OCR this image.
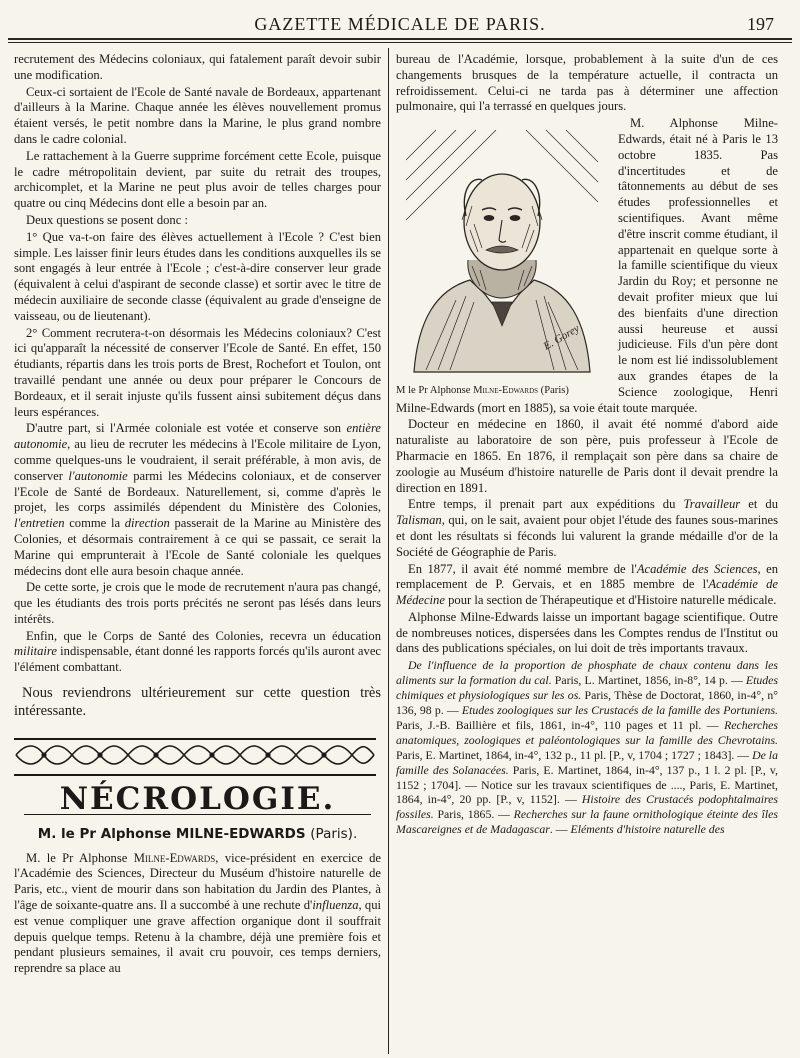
GAZETTE MÉDICALE DE PARIS.	197

recrutement des Médecins coloniaux, qui fatalement paraît devoir subir une modification.

Ceux-ci sortaient de l'Ecole de Santé navale de Bordeaux, appartenant d'ailleurs à la Marine. Chaque année les élèves nouvellement promus étaient versés, le petit nombre dans la Marine, le plus grand nombre dans le cadre colonial.

Le rattachement à la Guerre supprime forcément cette Ecole, puisque le cadre métropolitain devient, par suite du retrait des troupes, archicomplet, et la Marine ne peut plus avoir de telles charges pour quatre ou cinq Médecins dont elle a besoin par an.

Deux questions se posent donc :

1° Que va-t-on faire des élèves actuellement à l'Ecole ? C'est bien simple. Les laisser finir leurs études dans les conditions auxquelles ils se sont engagés à leur entrée à l'Ecole ; c'est-à-dire conserver leur grade (équivalent à celui d'aspirant de seconde classe) et sortir avec le titre de médecin auxiliaire de seconde classe (équivalent au grade d'enseigne de vaisseau, ou de lieutenant).

2° Comment recrutera-t-on désormais les Médecins coloniaux? C'est ici qu'apparaît la nécessité de conserver l'Ecole de Santé. En effet, 150 étudiants, répartis dans les trois ports de Brest, Rochefort et Toulon, ont travaillé pendant une année ou deux pour préparer le Concours de Bordeaux, et il serait injuste qu'ils fussent ainsi subitement déçus dans leurs espérances.

D'autre part, si l'Armée coloniale est votée et conserve son entière autonomie, au lieu de recruter les médecins à l'Ecole militaire de Lyon, comme quelques-uns le voudraient, il serait préférable, à mon avis, de conserver l'autonomie parmi les Médecins coloniaux, et de conserver l'Ecole de Santé de Bordeaux. Naturellement, si, comme d'après le projet, les corps assimilés dépendent du Ministère des Colonies, l'entretien comme la direction passerait de la Marine au Ministère des Colonies, et désormais contrairement à ce qui se passait, ce serait la Marine qui emprunterait à l'Ecole de Santé coloniale les quelques médecins dont elle aura besoin chaque année.

De cette sorte, je crois que le mode de recrutement n'aura pas changé, que les étudiants des trois ports précités ne seront pas lésés dans leurs intérêts.

Enfin, que le Corps de Santé des Colonies, recevra un éducation militaire indispensable, étant donné les rapports forcés qu'ils auront avec l'élément combattant.

Nous reviendrons ultérieurement sur cette question très intéressante.

NÉCROLOGIE.
M. le Pr Alphonse MILNE-EDWARDS (Paris).

M. le Pr Alphonse Milne-Edwards, vice-président en exercice de l'Académie des Sciences, Directeur du Muséum d'histoire naturelle de Paris, etc., vient de mourir dans son habitation du Jardin des Plantes, à l'âge de soixante-quatre ans. Il a succombé à une rechute d'influenza, qui est venue compliquer une grave affection organique dont il souffrait depuis quelque temps. Retenu à la chambre, déjà une première fois et pendant plusieurs semaines, il avait cru pouvoir, ces temps derniers, reprendre sa place au

bureau de l'Académie, lorsque, probablement à la suite d'un de ces changements brusques de la température actuelle, il contracta un refroidissement. Celui-ci ne tarda pas à déterminer une affection pulmonaire, qui l'a terrassé en quelques jours.

E. Gorey
M le Pr Alphonse Milne-Edwards (Paris)

M. Alphonse Milne-Edwards, était né à Paris le 13 octobre 1835. Pas d'incertitudes et de tâtonnements au début de ses études professionnelles et scientifiques. Avant même d'être inscrit comme étudiant, il appartenait en quelque sorte à la famille scientifique du vieux Jardin du Roy; et personne ne devait profiter mieux que lui des bienfaits d'une direction aussi heureuse et aussi judicieuse. Fils d'un père dont le nom est lié indissolublement aux grandes étapes de la Science zoologique, Henri Milne-Edwards (mort en 1885), sa voie était toute marquée.

Docteur en médecine en 1860, il avait été nommé d'abord aide naturaliste au laboratoire de son père, puis professeur à l'Ecole de Pharmacie en 1865. En 1876, il remplaçait son père dans sa chaire de zoologie au Muséum d'histoire naturelle de Paris dont il devait prendre la direction en 1891.

Entre temps, il prenait part aux expéditions du Travailleur et du Talisman, qui, on le sait, avaient pour objet l'étude des faunes sous-marines et dont les résultats si féconds lui valurent la grande médaille d'or de la Société de Géographie de Paris.

En 1877, il avait été nommé membre de l'Académie des Sciences, en remplacement de P. Gervais, et en 1885 membre de l'Académie de Médecine pour la section de Thérapeutique et d'Histoire naturelle médicale.

Alphonse Milne-Edwards laisse un important bagage scientifique. Outre de nombreuses notices, dispersées dans les Comptes rendus de l'Institut ou dans des publications spéciales, on lui doit de très importants travaux.

De l'influence de la proportion de phosphate de chaux contenu dans les aliments sur la formation du cal. Paris, L. Martinet, 1856, in-8°, 14 p. — Etudes chimiques et physiologiques sur les os. Paris, Thèse de Doctorat, 1860, in-4°, n° 136, 98 p. — Etudes zoologiques sur les Crustacés de la famille des Portuniens. Paris, J.-B. Baillière et fils, 1861, in-4°, 110 pages et 11 pl. — Recherches anatomiques, zoologiques et paléontologiques sur la famille des Chevrotains. Paris, E. Martinet, 1864, in-4°, 132 p., 11 pl. [P., v, 1704 ; 1727 ; 1843]. — De la famille des Solanacées. Paris, E. Martinet, 1864, in-4°, 137 p., 1 l. 2 pl. [P., v, 1152 ; 1704]. — Notice sur les travaux scientifiques de ...., Paris, E. Martinet, 1864, in-4°, 20 pp. [P., v, 1152]. — Histoire des Crustacés podophtalmaires fossiles. Paris, 1865. — Recherches sur la faune ornithologique éteinte des îles Mascareignes et de Madagascar. — Eléments d'histoire naturelle des
